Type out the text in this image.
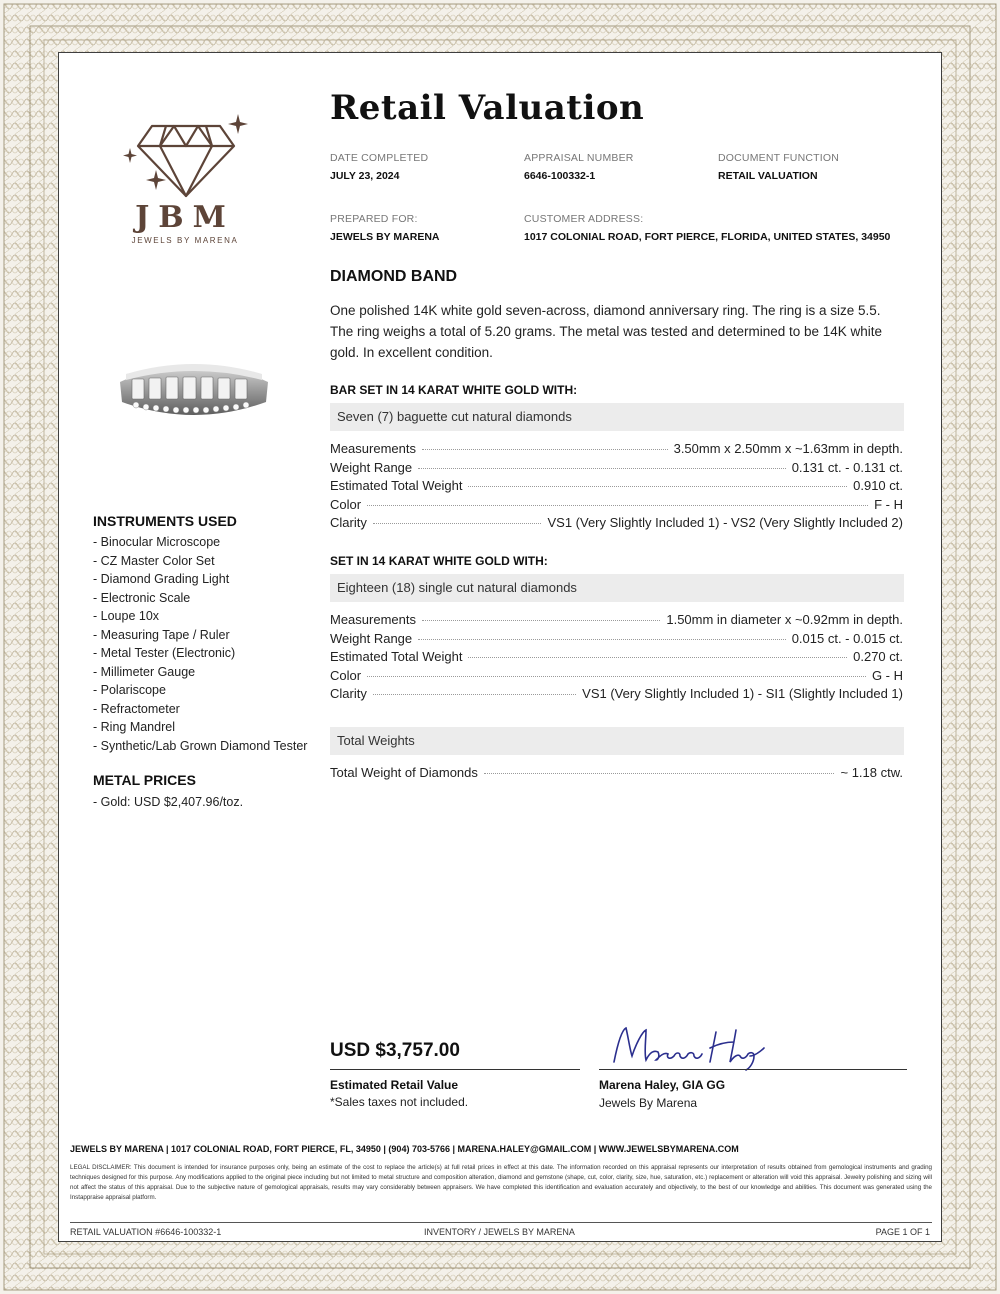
JBM
JEWELS BY MARENA
INSTRUMENTS USED
- Binocular Microscope
- CZ Master Color Set
- Diamond Grading Light
- Electronic Scale
- Loupe 10x
- Measuring Tape / Ruler
- Metal Tester (Electronic)
- Millimeter Gauge
- Polariscope
- Refractometer
- Ring Mandrel
- Synthetic/Lab Grown Diamond Tester
METAL PRICES
- Gold: USD $2,407.96/toz.
Retail Valuation
DATE COMPLETED
JULY 23, 2024
APPRAISAL NUMBER
6646-100332-1
DOCUMENT FUNCTION
RETAIL VALUATION
PREPARED FOR:
JEWELS BY MARENA
CUSTOMER ADDRESS:
1017 COLONIAL ROAD, FORT PIERCE, FLORIDA, UNITED STATES, 34950
DIAMOND BAND
One polished 14K white gold seven-across, diamond anniversary ring. The ring is a size 5.5. The ring weighs a total of 5.20 grams. The metal was tested and determined to be 14K white gold. In excellent condition.
BAR SET IN 14 KARAT WHITE GOLD WITH:
Seven (7) baguette cut natural diamonds
Measurements	3.50mm x 2.50mm x ~1.63mm in depth.
Weight Range	0.131 ct. - 0.131 ct.
Estimated Total Weight	0.910 ct.
Color	F - H
Clarity	VS1 (Very Slightly Included 1) - VS2 (Very Slightly Included 2)
SET IN 14 KARAT WHITE GOLD WITH:
Eighteen (18) single cut natural diamonds
Measurements	1.50mm in diameter x ~0.92mm in depth.
Weight Range	0.015 ct. - 0.015 ct.
Estimated Total Weight	0.270 ct.
Color	G - H
Clarity	VS1 (Very Slightly Included 1) - SI1 (Slightly Included 1)
Total Weights
Total Weight of Diamonds	~ 1.18 ctw.
USD $3,757.00
Estimated Retail Value
*Sales taxes not included.
Marena Haley, GIA GG
Jewels By Marena
JEWELS BY MARENA | 1017 COLONIAL ROAD, FORT PIERCE, FL, 34950 | (904) 703-5766 | MARENA.HALEY@GMAIL.COM | WWW.JEWELSBYMARENA.COM
LEGAL DISCLAIMER: This document is intended for insurance purposes only, being an estimate of the cost to replace the article(s) at full retail prices in effect at this date. The information recorded on this appraisal represents our interpretation of results obtained from gemological instruments and grading techniques designed for this purpose. Any modifications applied to the original piece including but not limited to metal structure and composition alteration, diamond and gemstone (shape, cut, color, clarity, size, hue, saturation, etc.) replacement or alteration will void this appraisal. Jewelry polishing and sizing will not affect the status of this appraisal. Due to the subjective nature of gemological appraisals, results may vary considerably between appraisers. We have completed this identification and evaluation accurately and objectively, to the best of our knowledge and abilities. This document was generated using the Instappraise appraisal platform.
RETAIL VALUATION #6646-100332-1	INVENTORY / JEWELS BY MARENA	PAGE 1 OF 1
